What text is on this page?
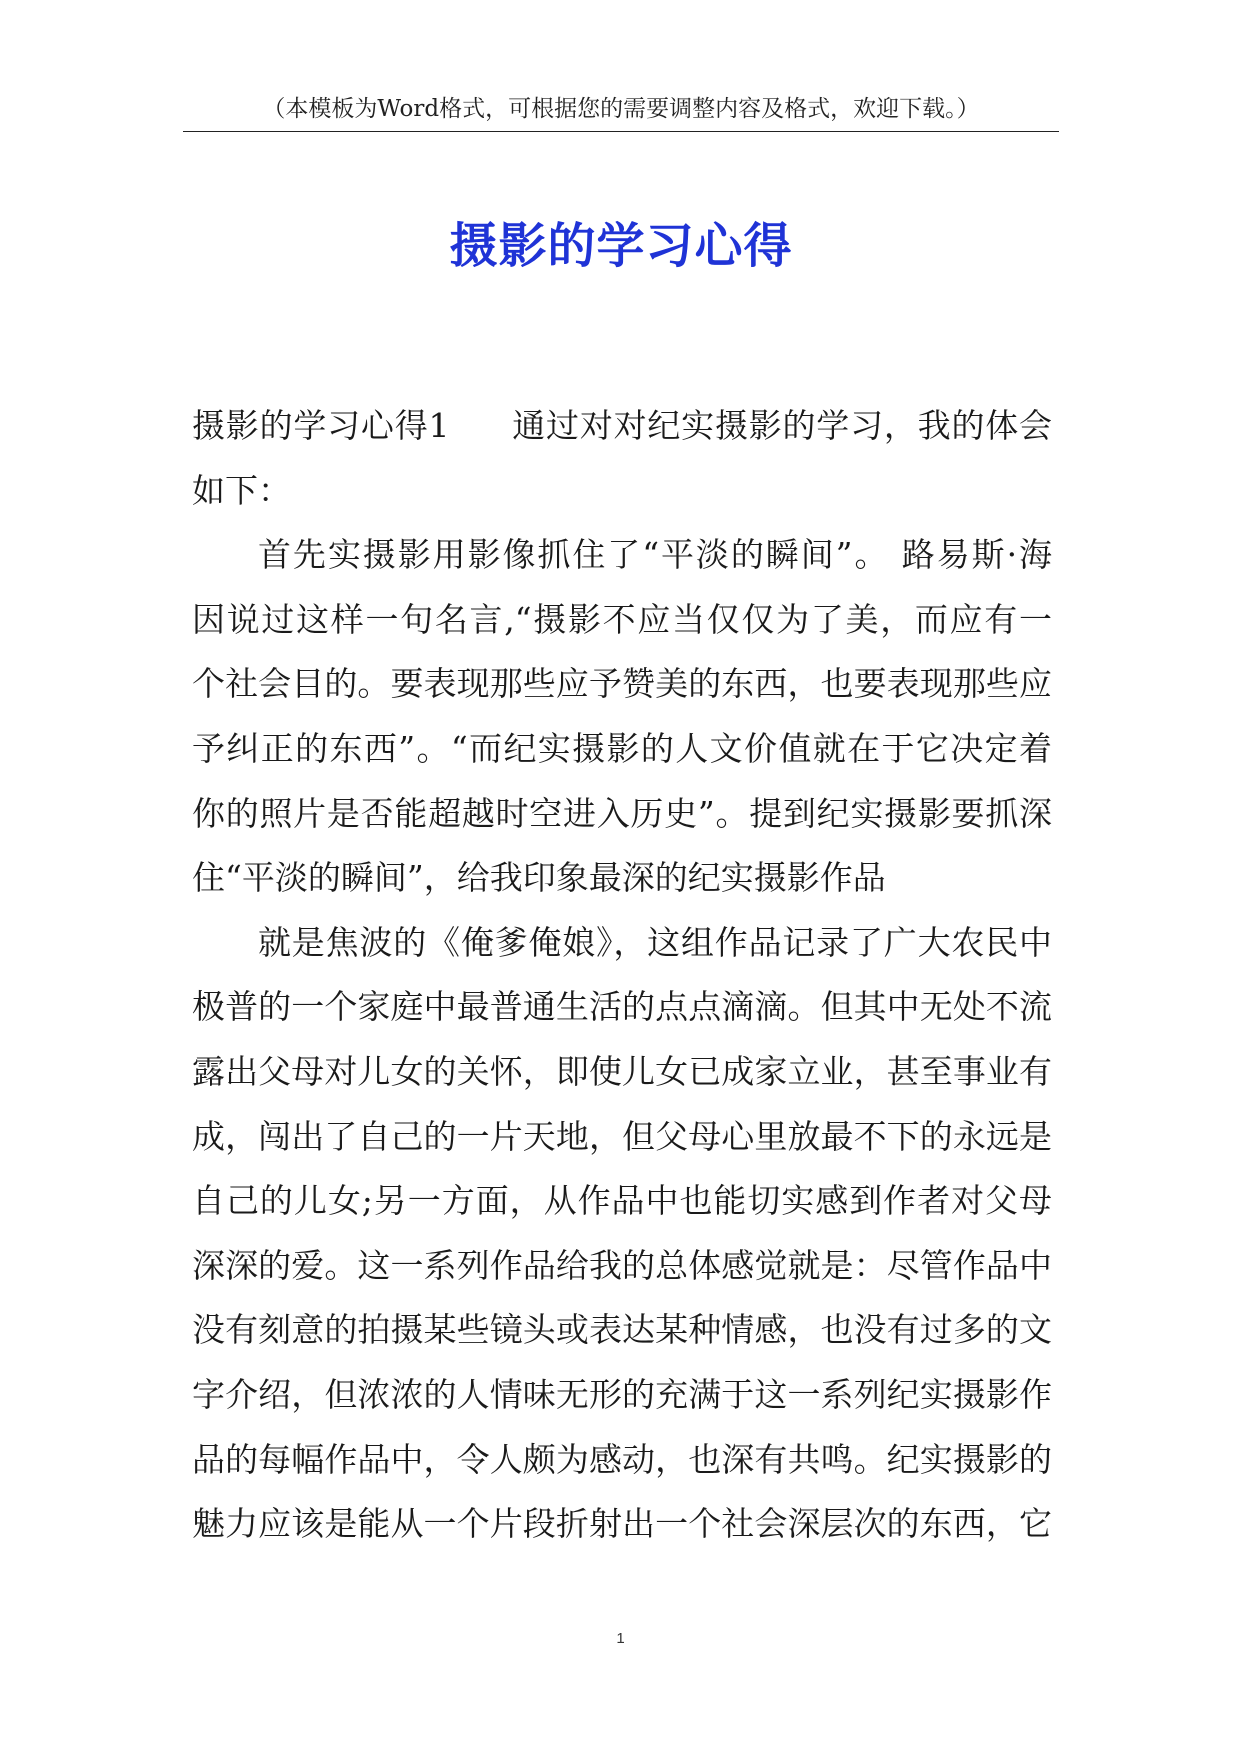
（本模板为Word格式，可根据您的需要调整内容及格式，欢迎下载。）
摄影的学习心得
摄影的学习心得1 通过对对纪实摄影的学习，我的体会
如下：
首先实摄影用影像抓住了“平淡的瞬间”。 路易斯·海
因说过这样一句名言,“摄影不应当仅仅为了美，而应有一
个社会目的。要表现那些应予赞美的东西，也要表现那些应
予纠正的东西”。“而纪实摄影的人文价值就在于它决定着
你的照片是否能超越时空进入历史”。提到纪实摄影要抓深
住“平淡的瞬间”，给我印象最深的纪实摄影作品
就是焦波的《俺爹俺娘》，这组作品记录了广大农民中
极普的一个家庭中最普通生活的点点滴滴。但其中无处不流
露出父母对儿女的关怀，即使儿女已成家立业，甚至事业有
成，闯出了自己的一片天地，但父母心里放最不下的永远是
自己的儿女;另一方面，从作品中也能切实感到作者对父母
深深的爱。这一系列作品给我的总体感觉就是：尽管作品中
没有刻意的拍摄某些镜头或表达某种情感，也没有过多的文
字介绍，但浓浓的人情味无形的充满于这一系列纪实摄影作
品的每幅作品中，令人颇为感动，也深有共鸣。纪实摄影的
魅力应该是能从一个片段折射出一个社会深层次的东西，它
1
